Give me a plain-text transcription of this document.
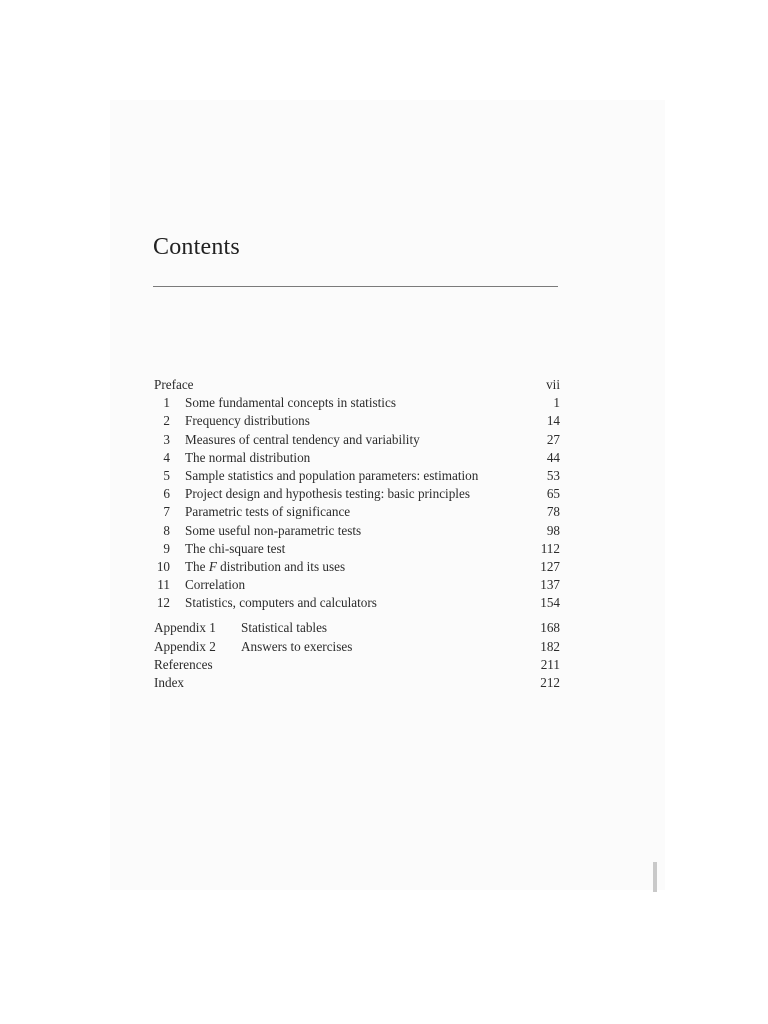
Contents
Preface	vii
1 Some fundamental concepts in statistics	1
2 Frequency distributions	14
3 Measures of central tendency and variability	27
4 The normal distribution	44
5 Sample statistics and population parameters: estimation	53
6 Project design and hypothesis testing: basic principles	65
7 Parametric tests of significance	78
8 Some useful non-parametric tests	98
9 The chi-square test	112
10 The F distribution and its uses	127
11 Correlation	137
12 Statistics, computers and calculators	154
Appendix 1 Statistical tables	168
Appendix 2 Answers to exercises	182
References	211
Index	212
